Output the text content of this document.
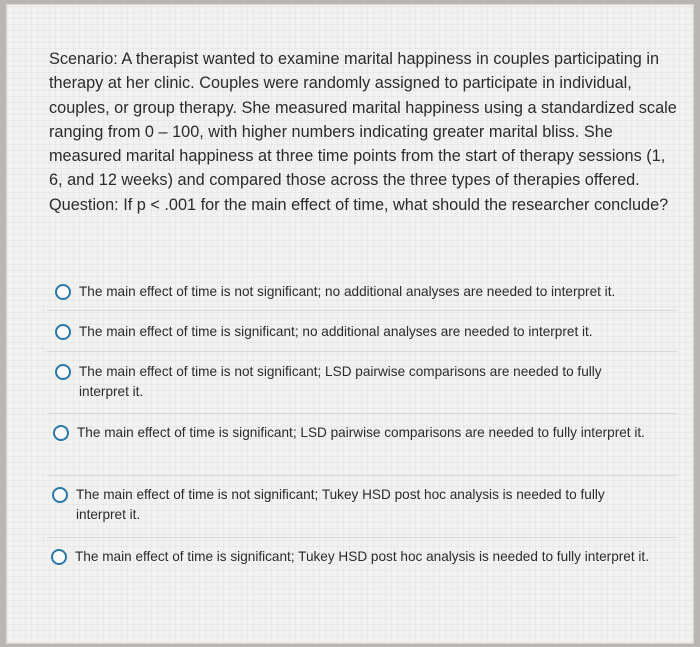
Scenario: A therapist wanted to examine marital happiness in couples participating in therapy at her clinic. Couples were randomly assigned to participate in individual, couples, or group therapy. She measured marital happiness using a standardized scale ranging from 0 – 100, with higher numbers indicating greater marital bliss. She measured marital happiness at three time points from the start of therapy sessions (1, 6, and 12 weeks) and compared those across the three types of therapies offered. Question: If p < .001 for the main effect of time, what should the researcher conclude?

The main effect of time is not significant; no additional analyses are needed to interpret it.
The main effect of time is significant; no additional analyses are needed to interpret it.
The main effect of time is not significant; LSD pairwise comparisons are needed to fully interpret it.
The main effect of time is significant; LSD pairwise comparisons are needed to fully interpret it.
The main effect of time is not significant; Tukey HSD post hoc analysis is needed to fully interpret it.
The main effect of time is significant; Tukey HSD post hoc analysis is needed to fully interpret it.
